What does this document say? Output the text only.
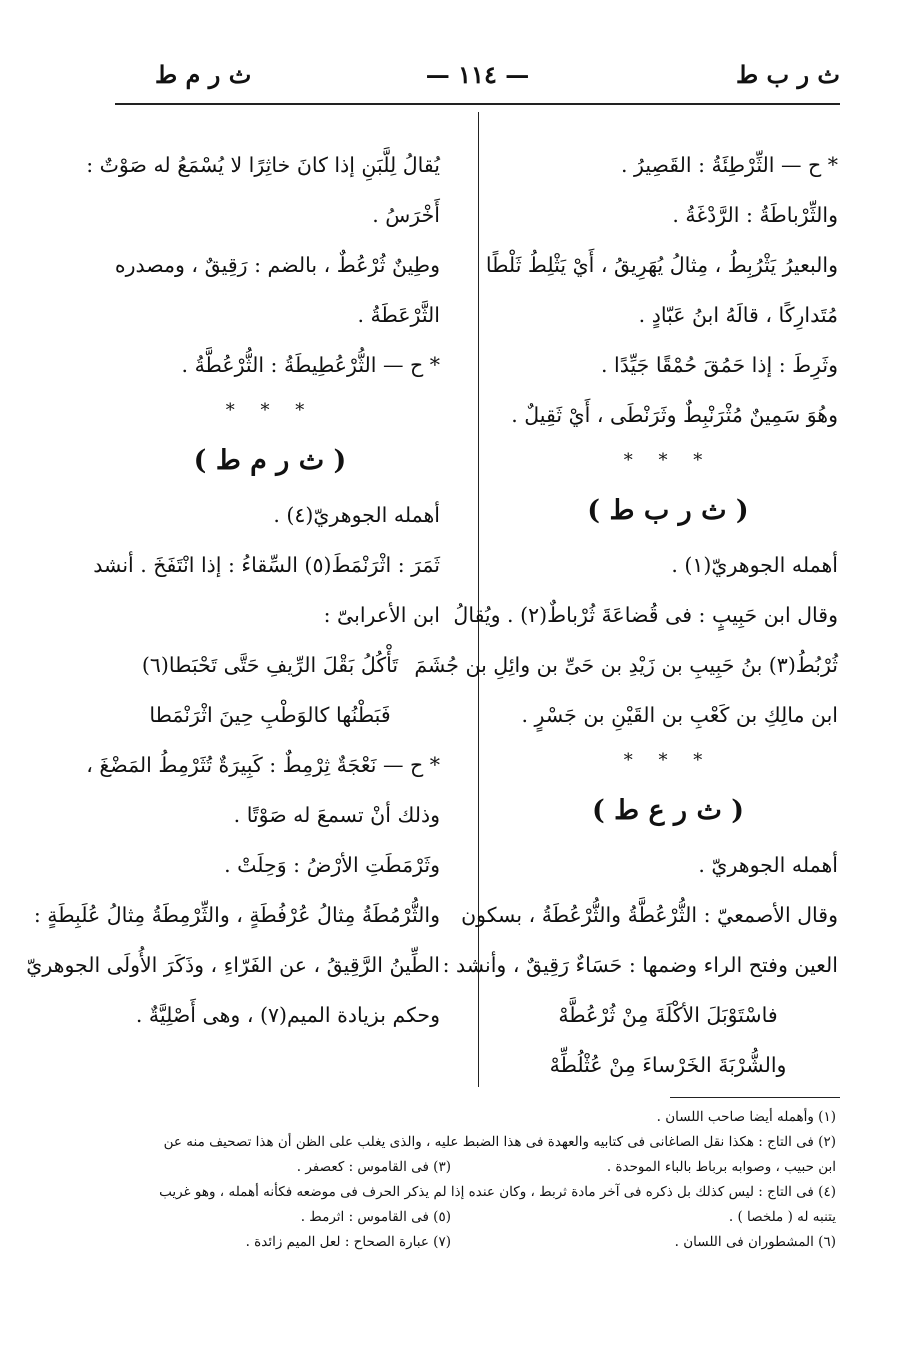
ث ر ب ط
— ١١٤ —
ث ر م ط
* ح — الثِّرْطِئَةُ : القَصِيرُ .
والثِّرْباطَةُ : الرَّدْغَةُ .
والبعيرُ يَثْرُبِطُ ، مِثالُ يُهَرِيقُ ، أَيْ يَثْلِطُ ثَلْطًا
مُتَدارِكًا ، قالَهُ ابنُ عَبّادٍ .
وثَرِطَ : إذا حَمُقَ حُمْقًا جَيِّدًا .
وهُوَ سَمِينٌ مُثْرَنْبِطٌ وثَرَنْطَى ، أَيْ ثَقِيلٌ .
* * *
( ث ر ب ط )
أهمله الجوهريّ(١) .
وقال ابن حَبِيبٍ : فى قُضاعَةَ ثُرْباطٌ(٢) . ويُقالُ
ثُرْبُطُ(٣) بنُ حَبِيبِ بن زَيْدِ بن حَىِّ بن وائِلِ بن جُشَمَ
ابن مالِكِ بن كَعْبِ بن القَيْنِ بن جَسْرٍ .
* * *
( ث ر ع ط )
أهمله الجوهريّ .
وقال الأصمعيّ : الثُّرْعُطَّةُ والثُّرْعُطَةُ ، بسكون
العين وفتح الراء وضمها : حَسَاءٌ رَقِيقٌ ، وأنشد :
فاسْتَوْبَلَ الأكْلَةَ مِنْ ثُرْعُطَّهْ
والشُّرْبَةَ الخَرْساءَ مِنْ عُثْلُطِّهْ
يُقالُ لِلَّبَنِ إذا كانَ خاثِرًا لا يُسْمَعُ له صَوْتٌ :
أَخْرَسُ .
وطِينٌ ثُرْعُطٌ ، بالضم : رَقِيقٌ ، ومصدره
الثَّرْعَطَةُ .
* ح — الثُّرْعُطِيطَةُ : الثُّرْعُطَّةُ .
* * *
( ث ر م ط )
أهمله الجوهريّ(٤) .
ثَمَرَ : اثْرَنْمَطَ(٥) السِّقاءُ : إذا انْتَفَخَ . أنشد
ابن الأعرابىّ :
تَأْكُلُ بَقْلَ الرِّيفِ حَتَّى تَحْبَطا(٦)
فَبَطْنُها كالوَطْبِ حِينَ اثْرَنْمَطا
* ح — نَعْجَةٌ ثِرْمِطٌ : كَبِيرَةٌ تُثَرْمِطُ المَضْغَ ،
وذلك أنْ تسمعَ له صَوْتًا .
وثَرْمَطَتِ الأرْضُ : وَحِلَتْ .
والثُّرْمُطَةُ مِثالُ عُرْفُطَةٍ ، والثِّرْمِطَةُ مِثالُ عُلَبِطَةٍ :
الطِّينُ الرَّقِيقُ ، عن الفَرّاءِ ، وذَكَرَ الأُولَى الجوهريّ
وحكم بزيادة الميم(٧) ، وهى أَصْلِيَّةٌ .
(١) وأهمله أيضا صاحب اللسان .
(٢) فى التاج : هكذا نقل الصاغانى فى كتابيه والعهدة فى هذا الضبط عليه ، والذى يغلب على الظن أن هذا تصحيف منه عن
ابن حبيب ، وصوابه برباط بالباء الموحدة .
(٣) فى القاموس : كعصفر .
(٤) فى التاج : ليس كذلك بل ذكره فى آخر مادة ثربط ، وكان عنده إذا لم يذكر الحرف فى موضعه فكأنه أهمله ، وهو غريب
يتنبه له ( ملخصا ) .
(٥) فى القاموس : اثرمط .
(٦) المشطوران فى اللسان .
(٧) عبارة الصحاح : لعل الميم زائدة .
